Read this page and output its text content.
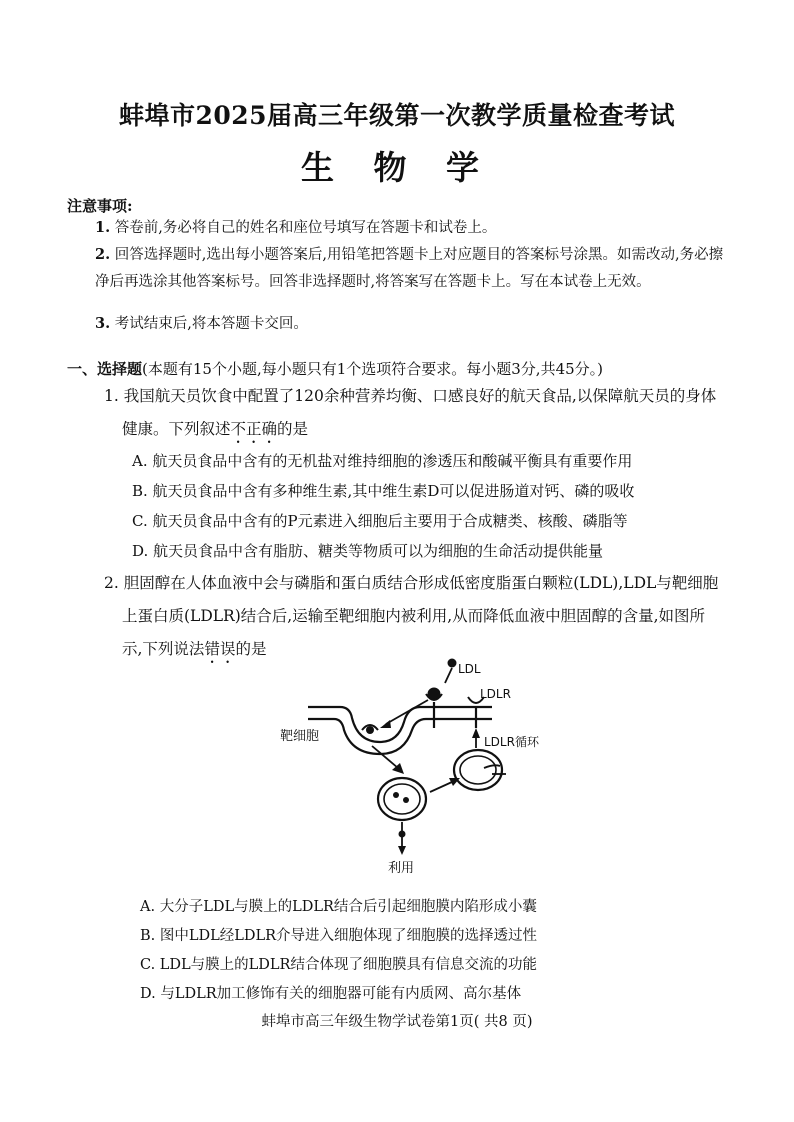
蚌埠市2025届高三年级第一次教学质量检查考试
生 物 学
注意事项:
1. 答卷前,务必将自己的姓名和座位号填写在答题卡和试卷上。
2. 回答选择题时,选出每小题答案后,用铅笔把答题卡上对应题目的答案标号涂黑。如需改动,务必擦净后再选涂其他答案标号。回答非选择题时,将答案写在答题卡上。写在本试卷上无效。
3. 考试结束后,将本答题卡交回。
一、选择题(本题有15个小题,每小题只有1个选项符合要求。每小题3分,共45分。)
1. 我国航天员饮食中配置了120余种营养均衡、口感良好的航天食品,以保障航天员的身体
健康。下列叙述不正确的是
A. 航天员食品中含有的无机盐对维持细胞的渗透压和酸碱平衡具有重要作用
B. 航天员食品中含有多种维生素,其中维生素D可以促进肠道对钙、磷的吸收
C. 航天员食品中含有的P元素进入细胞后主要用于合成糖类、核酸、磷脂等
D. 航天员食品中含有脂肪、糖类等物质可以为细胞的生命活动提供能量
2. 胆固醇在人体血液中会与磷脂和蛋白质结合形成低密度脂蛋白颗粒(LDL),LDL与靶细胞
上蛋白质(LDLR)结合后,运输至靶细胞内被利用,从而降低血液中胆固醇的含量,如图所
示,下列说法错误的是
LDL
LDLR
靶细胞	LDLR循环
利用
A. 大分子LDL与膜上的LDLR结合后引起细胞膜内陷形成小囊
B. 图中LDL经LDLR介导进入细胞体现了细胞膜的选择透过性
C. LDL与膜上的LDLR结合体现了细胞膜具有信息交流的功能
D. 与LDLR加工修饰有关的细胞器可能有内质网、高尔基体
蚌埠市高三年级生物学试卷第1页( 共8 页)
